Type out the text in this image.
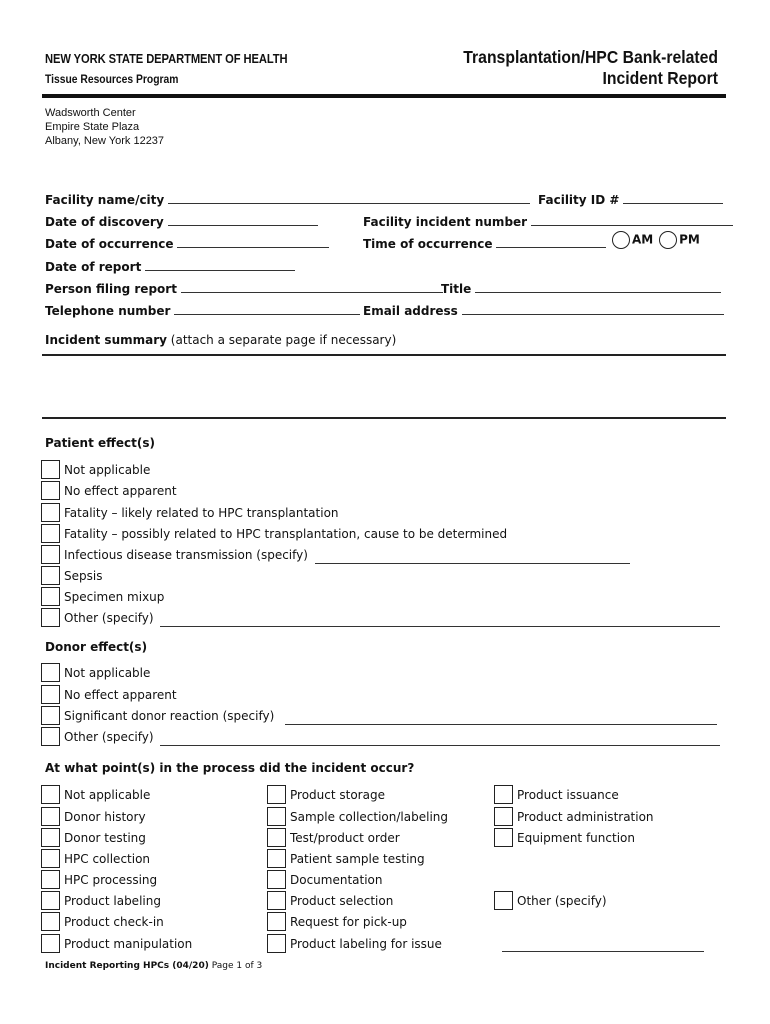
NEW YORK STATE DEPARTMENT OF HEALTH
Tissue Resources Program
Transplantation/HPC Bank-related
Incident Report
Wadsworth Center
Empire State Plaza
Albany, New York 12237
Facility name/city	Facility ID #
Date of discovery	Facility incident number
Date of occurrence	Time of occurrence	AM PM
Date of report
Person filing report	Title
Telephone number	Email address
Incident summary (attach a separate page if necessary)
Patient effect(s)
Not applicable
No effect apparent
Fatality – likely related to HPC transplantation
Fatality – possibly related to HPC transplantation, cause to be determined
Infectious disease transmission (specify)
Sepsis
Specimen mixup
Other (specify)
Donor effect(s)
Not applicable
No effect apparent
Significant donor reaction (specify)
Other (specify)
At what point(s) in the process did the incident occur?
Not applicable
Donor history
Donor testing
HPC collection
HPC processing
Product labeling
Product check-in
Product manipulation
Product storage
Sample collection/labeling
Test/product order
Patient sample testing
Documentation
Product selection
Request for pick-up
Product labeling for issue
Product issuance
Product administration
Equipment function
Other (specify)
Incident Reporting HPCs (04/20) Page 1 of 3
